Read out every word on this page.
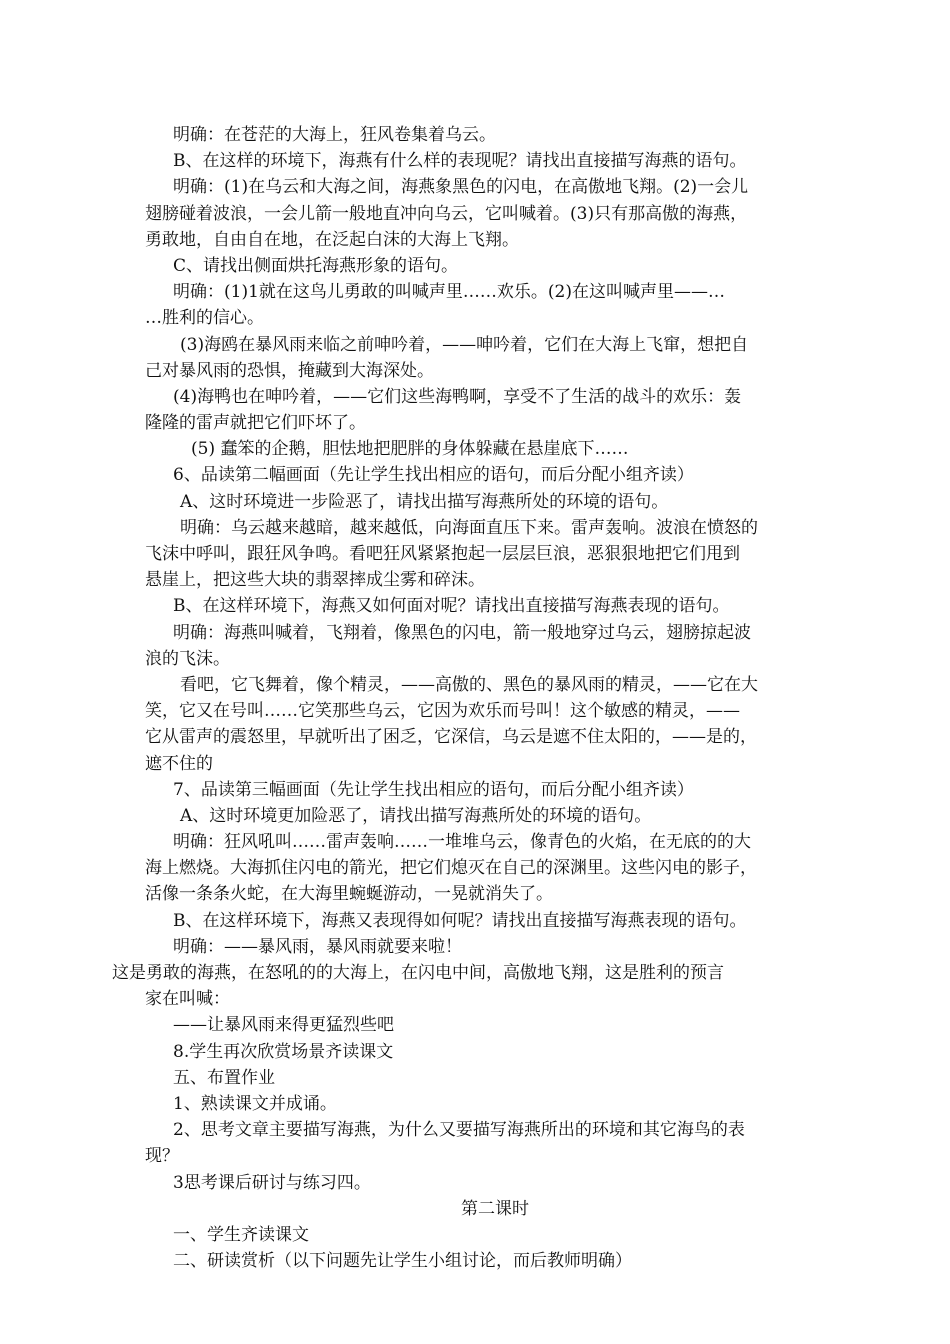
明确：在苍茫的大海上，狂风卷集着乌云。
B、在这样的环境下，海燕有什么样的表现呢？请找出直接描写海燕的语句。
明确：(1)在乌云和大海之间，海燕象黑色的闪电，在高傲地飞翔。(2)一会儿
翅膀碰着波浪，一会儿箭一般地直冲向乌云，它叫喊着。(3)只有那高傲的海燕，
勇敢地，自由自在地，在泛起白沫的大海上飞翔。
C、请找出侧面烘托海燕形象的语句。
明确：(1)1就在这鸟儿勇敢的叫喊声里……欢乐。(2)在这叫喊声里——…
…胜利的信心。
(3)海鸥在暴风雨来临之前呻吟着，——呻吟着，它们在大海上飞窜，想把自
己对暴风雨的恐惧，掩藏到大海深处。
(4)海鸭也在呻吟着，——它们这些海鸭啊，享受不了生活的战斗的欢乐：轰
隆隆的雷声就把它们吓坏了。
(5) 蠢笨的企鹅，胆怯地把肥胖的身体躲藏在悬崖底下……
6、品读第二幅画面（先让学生找出相应的语句，而后分配小组齐读）
A、这时环境进一步险恶了，请找出描写海燕所处的环境的语句。
明确：乌云越来越暗，越来越低，向海面直压下来。雷声轰响。波浪在愤怒的
飞沫中呼叫，跟狂风争鸣。看吧狂风紧紧抱起一层层巨浪，恶狠狠地把它们甩到
悬崖上，把这些大块的翡翠摔成尘雾和碎沫。
B、在这样环境下，海燕又如何面对呢？请找出直接描写海燕表现的语句。
明确：海燕叫喊着，飞翔着，像黑色的闪电，箭一般地穿过乌云，翅膀掠起波
浪的飞沫。
看吧，它飞舞着，像个精灵，——高傲的、黑色的暴风雨的精灵，——它在大
笑，它又在号叫……它笑那些乌云，它因为欢乐而号叫！这个敏感的精灵，——
它从雷声的震怒里，早就听出了困乏，它深信，乌云是遮不住太阳的，——是的，
遮不住的
7、品读第三幅画面（先让学生找出相应的语句，而后分配小组齐读）
A、这时环境更加险恶了，请找出描写海燕所处的环境的语句。
明确：狂风吼叫……雷声轰响……一堆堆乌云，像青色的火焰，在无底的的大
海上燃烧。大海抓住闪电的箭光，把它们熄灭在自己的深渊里。这些闪电的影子，
活像一条条火蛇，在大海里蜿蜒游动，一晃就消失了。
B、在这样环境下，海燕又表现得如何呢？请找出直接描写海燕表现的语句。
明确：——暴风雨，暴风雨就要来啦！
这是勇敢的海燕，在怒吼的的大海上，在闪电中间，高傲地飞翔，这是胜利的预言
家在叫喊：
——让暴风雨来得更猛烈些吧
8.学生再次欣赏场景齐读课文
五、布置作业
1、熟读课文并成诵。
2、思考文章主要描写海燕，为什么又要描写海燕所出的环境和其它海鸟的表
现？
3思考课后研讨与练习四。
第二课时
一、学生齐读课文
二、研读赏析（以下问题先让学生小组讨论，而后教师明确）
